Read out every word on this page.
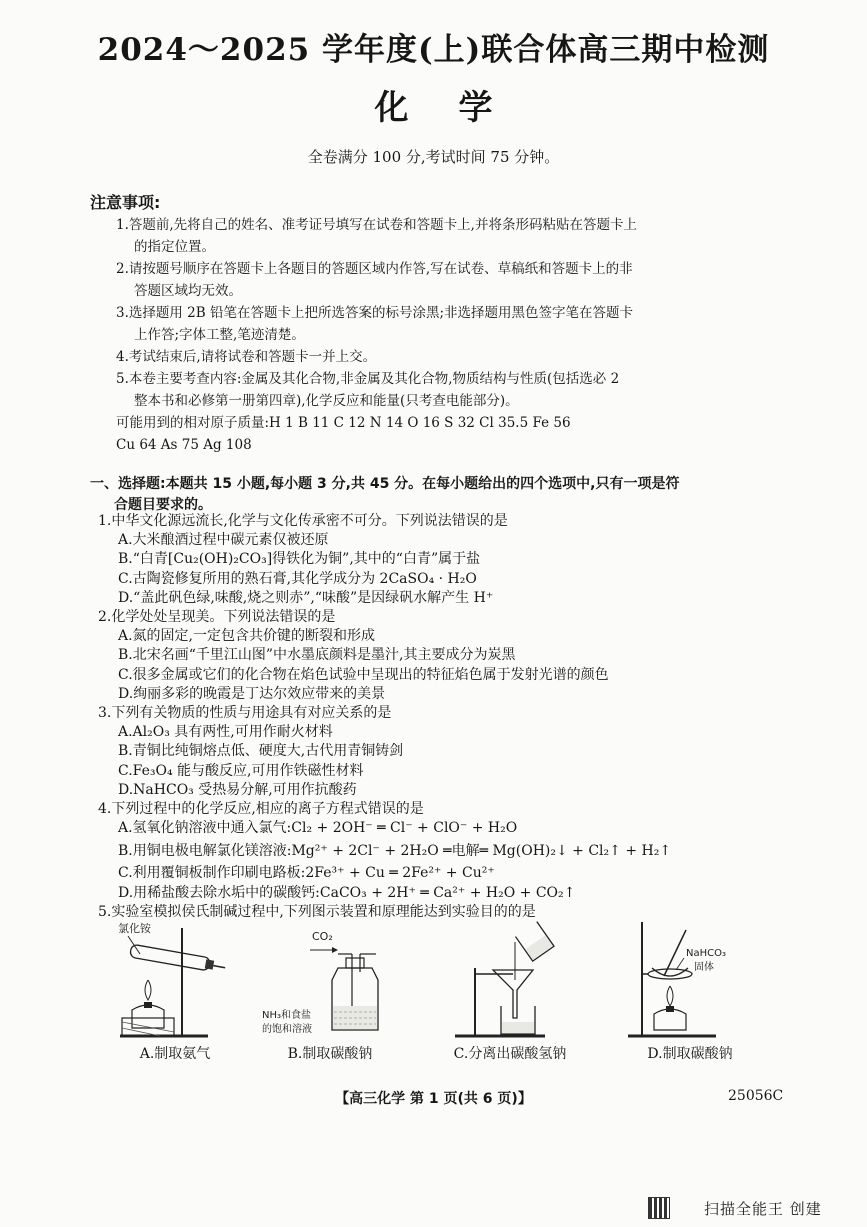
2024～2025 学年度(上)联合体高三期中检测
化学
全卷满分 100 分,考试时间 75 分钟。
注意事项:

1.答题前,先将自己的姓名、准考证号填写在试卷和答题卡上,并将条形码粘贴在答题卡上
的指定位置。

2.请按题号顺序在答题卡上各题目的答题区域内作答,写在试卷、草稿纸和答题卡上的非
答题区域均无效。

3.选择题用 2B 铅笔在答题卡上把所选答案的标号涂黑;非选择题用黑色签字笔在答题卡
上作答;字体工整,笔迹清楚。

4.考试结束后,请将试卷和答题卡一并上交。

5.本卷主要考查内容:金属及其化合物,非金属及其化合物,物质结构与性质(包括选必 2
整本书和必修第一册第四章),化学反应和能量(只考查电能部分)。

可能用到的相对原子质量:H 1 B 11 C 12 N 14 O 16 S 32 Cl 35.5 Fe 56

Cu 64 As 75 Ag 108

一、选择题:本题共 15 小题,每小题 3 分,共 45 分。在每小题给出的四个选项中,只有一项是符
合题目要求的。

1.中华文化源远流长,化学与文化传承密不可分。下列说法错误的是

A.大米酿酒过程中碳元素仅被还原

B.“白青[Cu₂(OH)₂CO₃]得铁化为铜”,其中的“白青”属于盐

C.古陶瓷修复所用的熟石膏,其化学成分为 2CaSO₄ · H₂O

D.“盖此矾色绿,味酸,烧之则赤”,“味酸”是因绿矾水解产生 H⁺

2.化学处处呈现美。下列说法错误的是

A.氮的固定,一定包含共价键的断裂和形成

B.北宋名画“千里江山图”中水墨底颜料是墨汁,其主要成分为炭黑

C.很多金属或它们的化合物在焰色试验中呈现出的特征焰色属于发射光谱的颜色

D.绚丽多彩的晚霞是丁达尔效应带来的美景

3.下列有关物质的性质与用途具有对应关系的是

A.Al₂O₃ 具有两性,可用作耐火材料

B.青铜比纯铜熔点低、硬度大,古代用青铜铸剑

C.Fe₃O₄ 能与酸反应,可用作铁磁性材料

D.NaHCO₃ 受热易分解,可用作抗酸药

4.下列过程中的化学反应,相应的离子方程式错误的是

A.氢氧化钠溶液中通入氯气:Cl₂ + 2OH⁻ ═ Cl⁻ + ClO⁻ + H₂O

B.用铜电极电解氯化镁溶液:Mg²⁺ + 2Cl⁻ + 2H₂O ═电解═ Mg(OH)₂↓ + Cl₂↑ + H₂↑

C.利用覆铜板制作印刷电路板:2Fe³⁺ + Cu ═ 2Fe²⁺ + Cu²⁺

D.用稀盐酸去除水垢中的碳酸钙:CaCO₃ + 2H⁺ ═ Ca²⁺ + H₂O + CO₂↑

5.实验室模拟侯氏制碱过程中,下列图示装置和原理能达到实验目的的是

氯化铵
A.制取氨气
CO₂
NH₃和食盐
的饱和溶液
B.制取碳酸钠	C.分离出碳酸氢钠
NaHCO₃
固体
D.制取碳酸钠
【高三化学 第 1 页(共 6 页)】	25056C
扫描全能王 创建
